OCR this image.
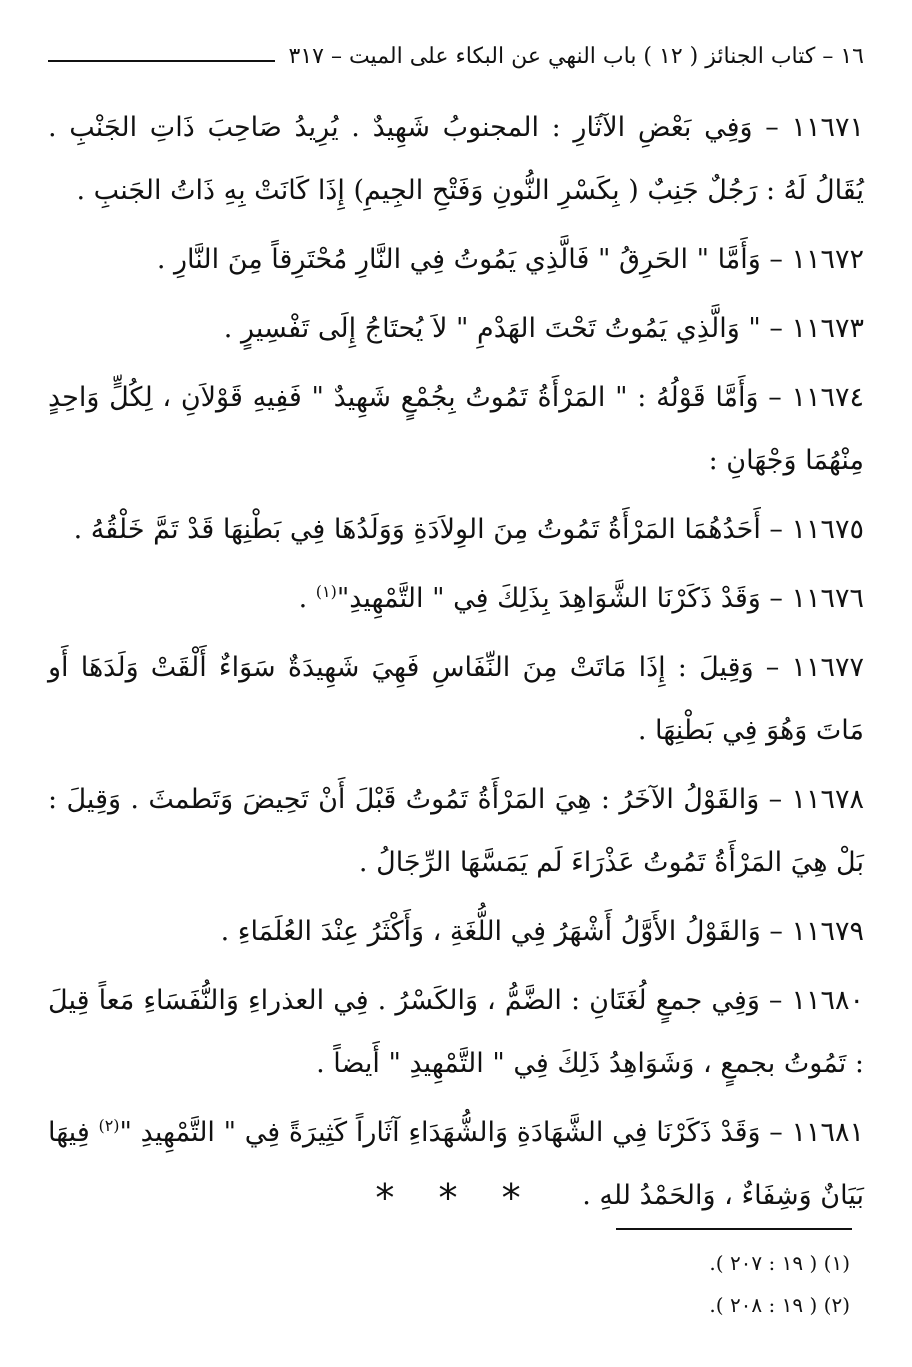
١٦ – كتاب الجنائز ( ١٢ ) باب النهي عن البكاء على الميت – ٣١٧

١١٦٧١ – وَفِي بَعْضِ الآثَارِ : المجنوبُ شَهِيدٌ . يُرِيدُ صَاحِبَ ذَاتِ الجَنْبِ . يُقَالُ لَهُ : رَجُلٌ جَنِبٌ ( بِكَسْرِ النُّونِ وَفَتْحِ الجِيمِ) إِذَا كَانَتْ بِهِ ذَاتُ الجَنبِ .

١١٦٧٢ – وَأَمَّا " الحَرِقُ " فَالَّذِي يَمُوتُ فِي النَّارِ مُحْتَرِقاً مِنَ النَّارِ .

١١٦٧٣ – " وَالَّذِي يَمُوتُ تَحْتَ الهَدْمِ " لاَ يُحتَاجُ إِلَى تَفْسِيرٍ .

١١٦٧٤ – وَأَمَّا قَوْلُهُ : " المَرْأَةُ تَمُوتُ بِجُمْعٍ شَهِيدٌ " فَفِيهِ قَوْلاَنِ ، لِكُلٍّ وَاحِدٍ مِنْهُمَا وَجْهَانِ :

١١٦٧٥ – أَحَدُهُمَا المَرْأَةُ تَمُوتُ مِنَ الوِلاَدَةِ وَوَلَدُهَا فِي بَطْنِهَا قَدْ تَمَّ خَلْقُهُ .

١١٦٧٦ – وَقَدْ ذَكَرْنَا الشَّوَاهِدَ بِذَلِكَ فِي " التَّمْهِيدِ"$^{(١)}$ .

١١٦٧٧ – وَقِيلَ : إِذَا مَاتَتْ مِنَ النِّفَاسِ فَهِيَ شَهِيدَةٌ سَوَاءٌ أَلْقَتْ وَلَدَهَا أَو مَاتَ وَهُوَ فِي بَطْنِهَا .

١١٦٧٨ – وَالقَوْلُ الآخَرُ : هِيَ المَرْأَةُ تَمُوتُ قَبْلَ أَنْ تَحِيضَ وَتَطمثَ . وَقِيلَ : بَلْ هِيَ المَرْأَةُ تَمُوتُ عَذْرَاءَ لَم يَمَسَّهَا الرِّجَالُ .

١١٦٧٩ – وَالقَوْلُ الأَوَّلُ أَشْهَرُ فِي اللُّغَةِ ، وَأَكْثَرُ عِنْدَ العُلَمَاءِ .

١١٦٨٠ – وَفِي جمعٍ لُغَتَانِ : الضَّمُّ ، وَالكَسْرُ . فِي العذراءِ وَالنُّفَسَاءِ مَعاً قِيلَ : تَمُوتُ بجمعٍ ، وَشَوَاهِدُ ذَلِكَ فِي " التَّمْهِيدِ " أَيضاً .

١١٦٨١ – وَقَدْ ذَكَرْنَا فِي الشَّهَادَةِ وَالشُّهَدَاءِ آثَاراً كَثِيرَةً فِي " التَّمْهِيدِ "$^{(٢)}$ فِيهَا بَيَانٌ وَشِفَاءٌ ، وَالحَمْدُ للهِ .

* * *

(١) ( ١٩ : ٢٠٧ ).

(٢) ( ١٩ : ٢٠٨ ).
